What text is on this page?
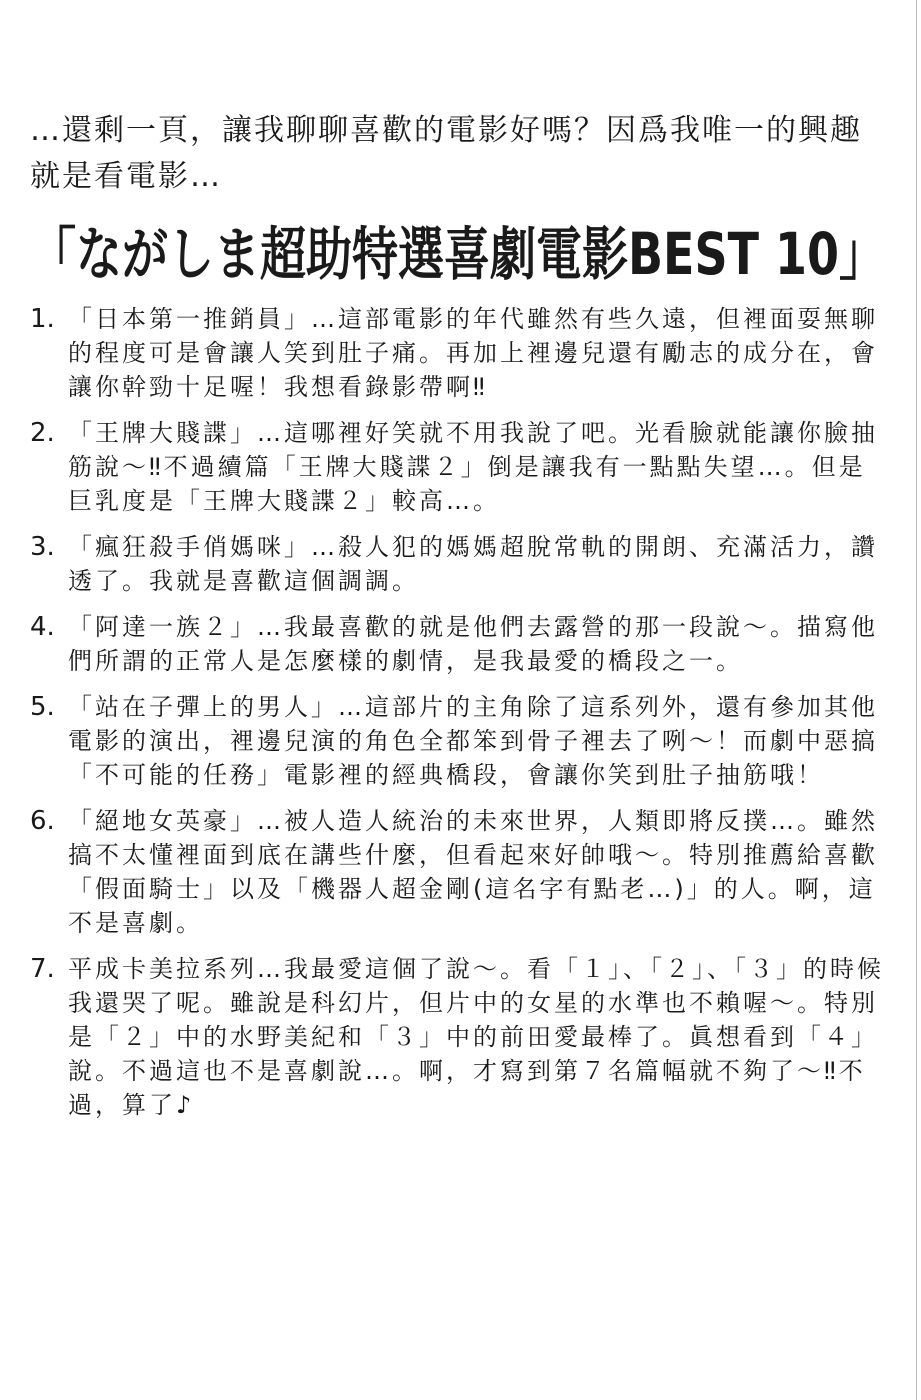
…還剩一頁，讓我聊聊喜歡的電影好嗎？因爲我唯一的興趣就是看電影…

「ながしま超助特選喜劇電影BEST 10」
1. 「日本第一推銷員」…這部電影的年代雖然有些久遠，但裡面耍無聊的程度可是會讓人笑到肚子痛。再加上裡邊兒還有勵志的成分在，會讓你幹勁十足喔！我想看錄影帶啊‼
2. 「王牌大賤諜」…這哪裡好笑就不用我說了吧。光看臉就能讓你臉抽筋說～‼不過續篇「王牌大賤諜２」倒是讓我有一點點失望…。但是巨乳度是「王牌大賤諜２」較高…。
3. 「瘋狂殺手俏媽咪」…殺人犯的媽媽超脫常軌的開朗、充滿活力，讚透了。我就是喜歡這個調調。
4. 「阿達一族２」…我最喜歡的就是他們去露營的那一段說～。描寫他們所謂的正常人是怎麼樣的劇情，是我最愛的橋段之一。
5. 「站在子彈上的男人」…這部片的主角除了這系列外，還有參加其他電影的演出，裡邊兒演的角色全都笨到骨子裡去了咧～！而劇中惡搞「不可能的任務」電影裡的經典橋段，會讓你笑到肚子抽筋哦！
6. 「絕地女英豪」…被人造人統治的未來世界，人類即將反撲…。雖然搞不太懂裡面到底在講些什麼，但看起來好帥哦～。特別推薦給喜歡「假面騎士」以及「機器人超金剛(這名字有點老…)」的人。啊，這不是喜劇。
7. 平成卡美拉系列…我最愛這個了說～。看「１」、「２」、「３」的時候我還哭了呢。雖說是科幻片，但片中的女星的水準也不賴喔～。特別是「２」中的水野美紀和「３」中的前田愛最棒了。眞想看到「４」說。不過這也不是喜劇說…。啊，才寫到第７名篇幅就不夠了～‼不過，算了♪
